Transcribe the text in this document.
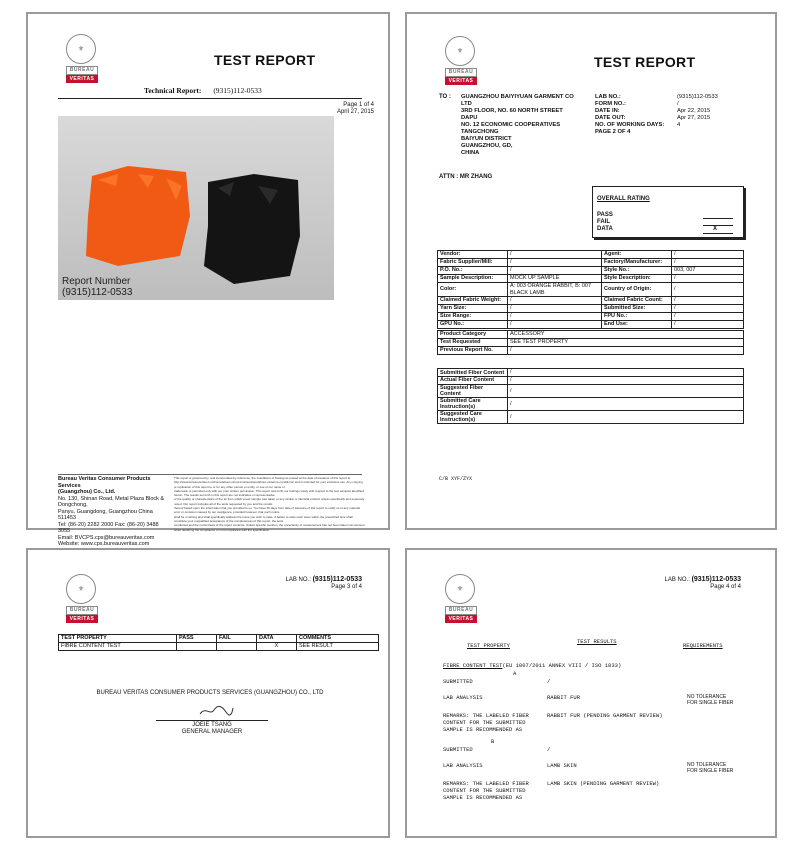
⚜
BUREAU
VERITAS
TEST REPORT
Technical Report: (9315)112-0533
Page 1 of 4
April 27, 2015
Report Number
(9315)112-0533
Bureau Veritas Consumer Products Services
(Guangzhou) Co., Ltd.
No. 130, Shinan Road, Metal Plaza Block & Dongchong,
Panyu, Guangdong, Guangzhou China 511453
Tel: (86-20) 2282 2000 Fax: (86-20) 3488 3055
Email: BVCPS.cps@bureauveritas.com
Website: www.cps.bureauveritas.com
This report is governed by, and incorporates by reference, the Conditions of Testing as posted at the date of issuance of this report at
http://www.bureauveritas.com/home/about-us/our-business/cps/about-us/terms-conditions/ and is intended for your exclusive use. Any copying or replication of this report to or for any other person or entity, or use of our name or
trademark, is permitted only with our prior written permission. This report sets forth our findings solely with respect to the test samples identified herein. The results set forth in this report are not indicative or representative
of the quality or characteristics of the lot from which a test sample was taken or any similar or identical product unless specifically and expressly noted. Our report includes all of the tests requested by you and the results
thereof based upon the information that you provided to us. You have 60 days from date of issuance of this report to notify us of any material error or omission caused by our negligence, provided however, that such notice
shall be in writing and shall specifically address the issue you wish to raise. A failure to raise such issue within the prescribed time shall constitute your unqualified acceptance of the completeness of this report, the tests
conducted and the correctness of the report contents. Unless specific mention, the uncertainty of measurement has not been taken into account when declaring the compliance or non-compliance with the specification.
⚜
BUREAU
VERITAS
TEST REPORT
TO : GUANGZHOU BAIYIYUAN GARMENT CO
LTD
3RD FLOOR, NO. 60 NORTH STREET
DAPU
NO. 12 ECONOMIC COOPERATIVES
TANGCHONG
BAIYUN DISTRICT
GUANGZHOU, GD,
CHINA
LAB NO.:	(9315)112-0533
FORM NO.:	/
DATE IN:	Apr 22, 2015
DATE OUT:	Apr 27, 2015
NO. OF WORKING DAYS: 4
PAGE 2 OF 4
ATTN : MR ZHANG
OVERALL RATING
PASS
FAIL
DATA	X
Vendor:	/	Agent:	/
Fabric Supplier/Mill:	/	Factory/Manufacturer:	/
P.O. No.:	/	Style No.:	003, 007
Sample Description:	MOCK UP SAMPLE	Style Description:	/
Color:	A: 003 ORANGE RABBIT, B: 007 BLACK LAMB	Country of Origin:	/
Claimed Fabric Weight:	/	Claimed Fabric Count:	/
Yarn Size:	/	Submitted Size:	/
Size Range:	/	FPU No.:	/
GPU No.:	/	End Use:	/
Product Category	ACCESSORY
Test Requested	SEE TEST PROPERTY
Previous Report No.	/
Submitted Fiber Content	/
Actual Fiber Content	/
Suggested Fiber Content	/
Submitted Care Instruction(s)	/
Suggested Care Instruction(s)	/
C/B XYF/ZYX
⚜
BUREAU
VERITAS
LAB NO.: (9315)112-0533
Page 3 of 4
TEST PROPERTY	PASS	FAIL	DATA	COMMENTS
FIBRE CONTENT TEST			X	SEE RESULT
BUREAU VERITAS CONSUMER PRODUCTS SERVICES (GUANGZHOU) CO., LTD
JOEIE TSANG
GENERAL MANAGER
⚜
BUREAU
VERITAS
LAB NO.: (9315)112-0533
Page 4 of 4
TEST PROPERTY
TEST RESULTS
REQUIREMENTS
FIBRE CONTENT TEST(EU 1007/2011 ANNEX VIII / ISO 1833)
A
SUBMITTED	/
LAB ANALYSIS	RABBIT FUR	NO TOLERANCE
FOR SINGLE FIBER
REMARKS: THE LABELED FIBER
CONTENT FOR THE SUBMITTED
SAMPLE IS RECOMMENDED AS
RABBIT FUR (PENDING GARMENT REVIEW)
B
SUBMITTED	/
LAB ANALYSIS	LAMB SKIN	NO TOLERANCE
FOR SINGLE FIBER
REMARKS: THE LABELED FIBER
CONTENT FOR THE SUBMITTED
SAMPLE IS RECOMMENDED AS
LAMB SKIN (PENDING GARMENT REVIEW)
